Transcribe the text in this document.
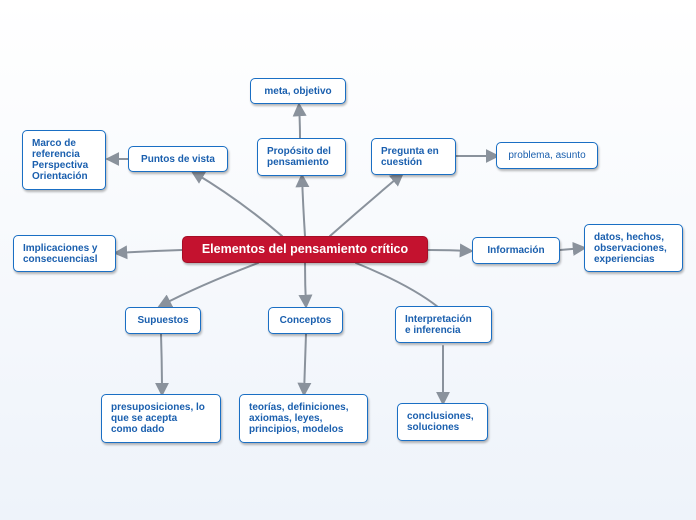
Elementos del pensamiento crítico
Propósito del
pensamiento
meta, objetivo
Puntos de vista
Marco de
referencia
Perspectiva
Orientación
Pregunta en
cuestión
problema, asunto
Implicaciones y
consecuenciasl
Información
datos, hechos,
observaciones,
experiencias
Supuestos
presuposiciones, lo
que se acepta
como dado
Conceptos
teorías, definiciones,
axiomas, leyes,
principios, modelos
Interpretación
e inferencia
conclusiones,
soluciones
